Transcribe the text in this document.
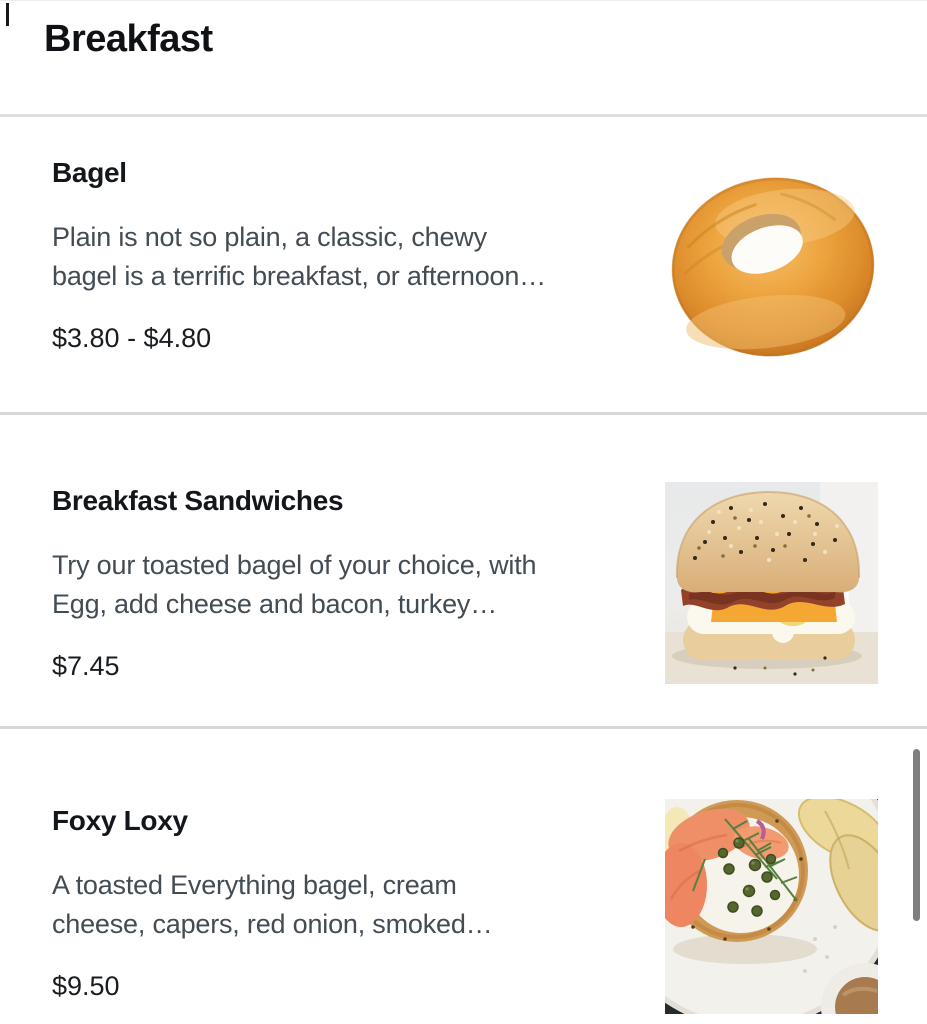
Breakfast
Bagel

Plain is not so plain, a classic, chewy
bagel is a terrific breakfast, or afternoon…

$3.80 - $4.80
Breakfast Sandwiches

Try our toasted bagel of your choice, with
Egg, add cheese and bacon, turkey…

$7.45
Foxy Loxy

A toasted Everything bagel, cream
cheese, capers, red onion, smoked…

$9.50
